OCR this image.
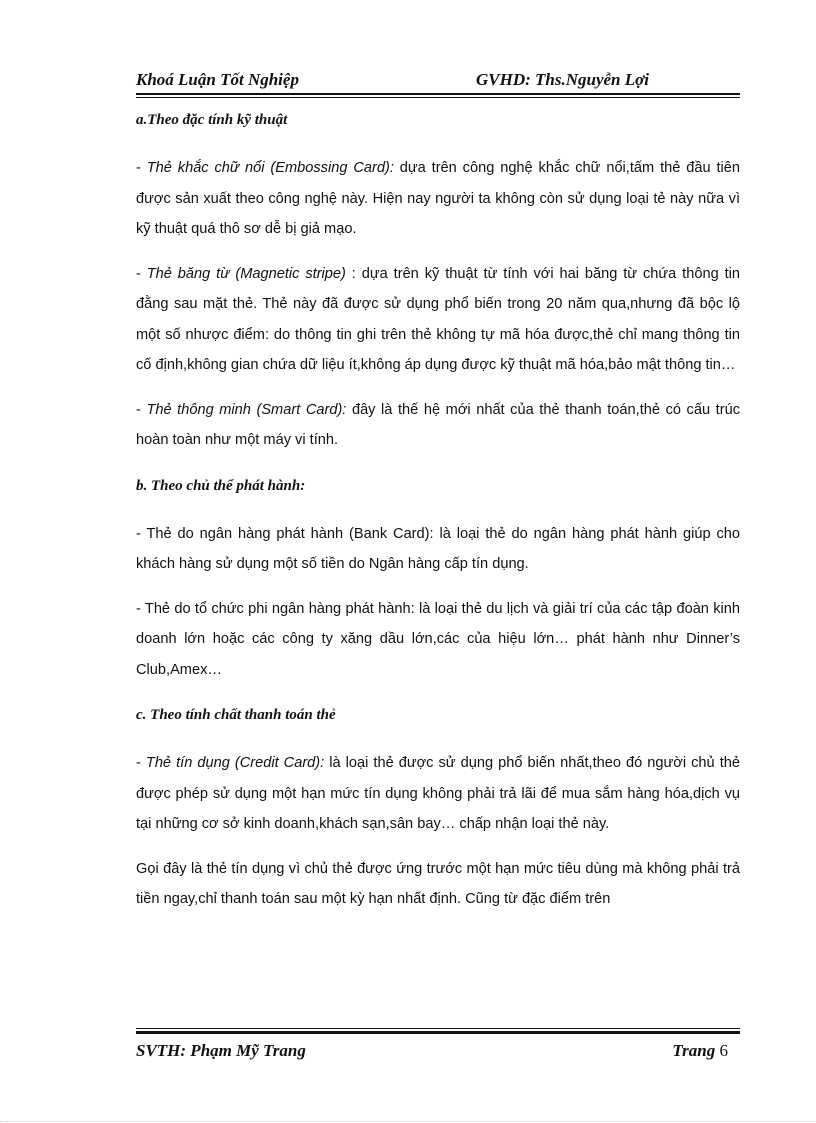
Khoá Luận Tốt Nghiệp	GVHD: Ths.Nguyễn Lợi

a.Theo đặc tính kỹ thuật

- Thẻ khắc chữ nổi (Embossing Card): dựa trên công nghệ khắc chữ nổi,tấm thẻ đầu tiên được sản xuất theo công nghệ này. Hiện nay người ta không còn sử dụng loại tẻ này nữa vì kỹ thuật quá thô sơ dễ bị giả mạo.

- Thẻ băng từ (Magnetic stripe) : dựa trên kỹ thuật từ tính với hai băng từ chứa thông tin đằng sau mặt thẻ. Thẻ này đã được sử dụng phổ biến trong 20 năm qua,nhưng đã bộc lộ một số nhược điểm: do thông tin ghi trên thẻ không tự mã hóa được,thẻ chỉ mang thông tin cố định,không gian chứa dữ liệu ít,không áp dụng được kỹ thuật mã hóa,bảo mật thông tin…

- Thẻ thông minh (Smart Card): đây là thế hệ mới nhất của thẻ thanh toán,thẻ có cấu trúc hoàn toàn như một máy vi tính.

b. Theo chủ thể phát hành:

- Thẻ do ngân hàng phát hành (Bank Card): là loại thẻ do ngân hàng phát hành giúp cho khách hàng sử dụng một số tiền do Ngân hàng cấp tín dụng.

- Thẻ do tổ chức phi ngân hàng phát hành: là loại thẻ du lịch và giải trí của các tập đoàn kinh doanh lớn hoặc các công ty xăng dầu lớn,các của hiệu lớn… phát hành như Dinner’s Club,Amex…

c. Theo tính chất thanh toán thẻ

- Thẻ tín dụng (Credit Card): là loại thẻ được sử dụng phổ biến nhất,theo đó người chủ thẻ được phép sử dụng một hạn mức tín dụng không phải trả lãi để mua sắm hàng hóa,dịch vụ tại những cơ sở kinh doanh,khách sạn,sân bay… chấp nhận loại thẻ này.

Gọi đây là thẻ tín dụng vì chủ thẻ được ứng trước một hạn mức tiêu dùng mà không phải trả tiền ngay,chỉ thanh toán sau một kỳ hạn nhất định. Cũng từ đặc điểm trên

SVTH: Phạm Mỹ Trang	Trang 6
